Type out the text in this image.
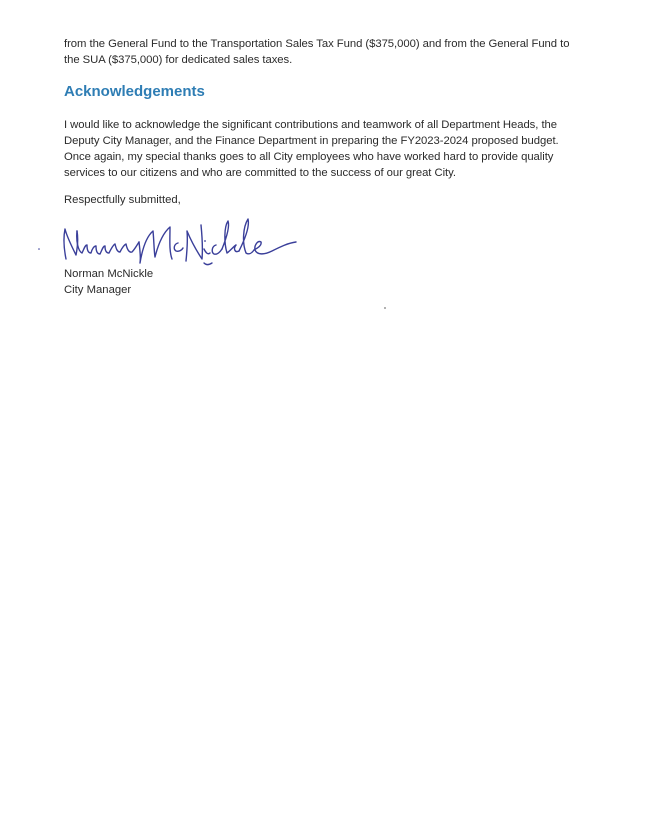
from the General Fund to the Transportation Sales Tax Fund ($375,000) and from the General Fund to
the SUA ($375,000) for dedicated sales taxes.

Acknowledgements

I would like to acknowledge the significant contributions and teamwork of all Department Heads, the
Deputy City Manager, and the Finance Department in preparing the FY2023-2024 proposed budget.
Once again, my special thanks goes to all City employees who have worked hard to provide quality
services to our citizens and who are committed to the success of our great City.

Respectfully submitted,

Norman McNickle

City Manager
